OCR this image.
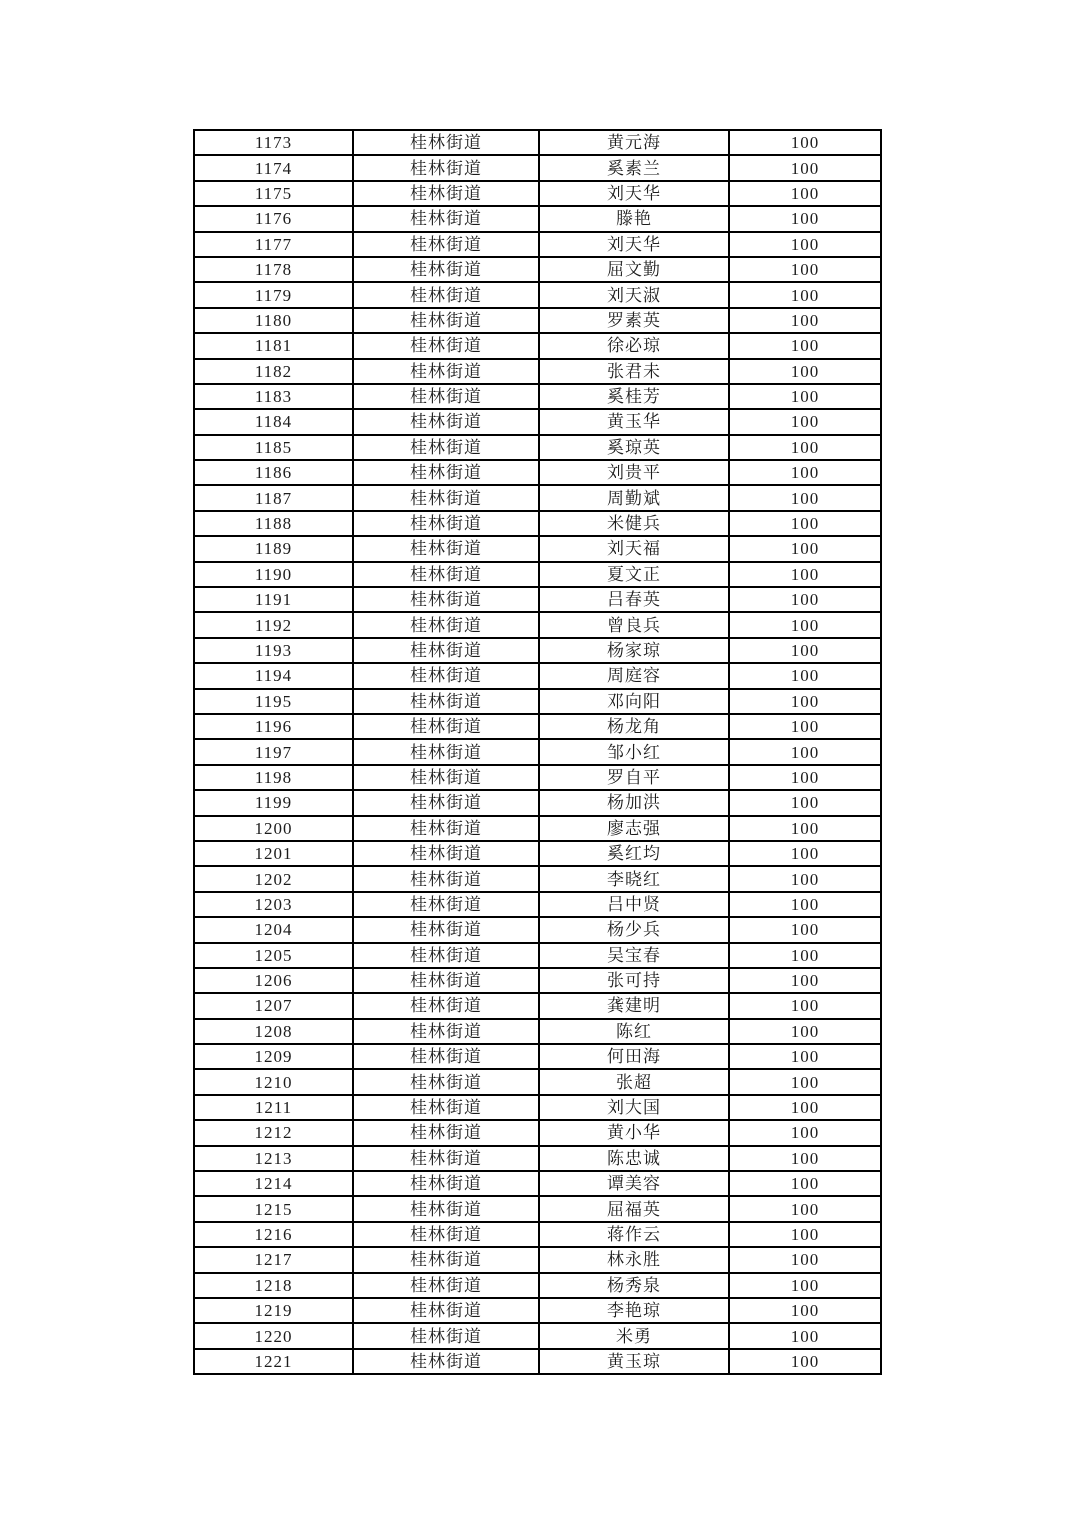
1173	桂林街道	黄元海	100
1174	桂林街道	奚素兰	100
1175	桂林街道	刘天华	100
1176	桂林街道	滕艳	100
1177	桂林街道	刘天华	100
1178	桂林街道	屈文勤	100
1179	桂林街道	刘天淑	100
1180	桂林街道	罗素英	100
1181	桂林街道	徐必琼	100
1182	桂林街道	张君未	100
1183	桂林街道	奚桂芳	100
1184	桂林街道	黄玉华	100
1185	桂林街道	奚琼英	100
1186	桂林街道	刘贵平	100
1187	桂林街道	周勤斌	100
1188	桂林街道	米健兵	100
1189	桂林街道	刘天福	100
1190	桂林街道	夏文正	100
1191	桂林街道	吕春英	100
1192	桂林街道	曾良兵	100
1193	桂林街道	杨家琼	100
1194	桂林街道	周庭容	100
1195	桂林街道	邓向阳	100
1196	桂林街道	杨龙角	100
1197	桂林街道	邹小红	100
1198	桂林街道	罗自平	100
1199	桂林街道	杨加洪	100
1200	桂林街道	廖志强	100
1201	桂林街道	奚红均	100
1202	桂林街道	李晓红	100
1203	桂林街道	吕中贤	100
1204	桂林街道	杨少兵	100
1205	桂林街道	吴宝春	100
1206	桂林街道	张可持	100
1207	桂林街道	龚建明	100
1208	桂林街道	陈红	100
1209	桂林街道	何田海	100
1210	桂林街道	张超	100
1211	桂林街道	刘大国	100
1212	桂林街道	黄小华	100
1213	桂林街道	陈忠诚	100
1214	桂林街道	谭美容	100
1215	桂林街道	屈福英	100
1216	桂林街道	蒋作云	100
1217	桂林街道	林永胜	100
1218	桂林街道	杨秀泉	100
1219	桂林街道	李艳琼	100
1220	桂林街道	米勇	100
1221	桂林街道	黄玉琼	100
